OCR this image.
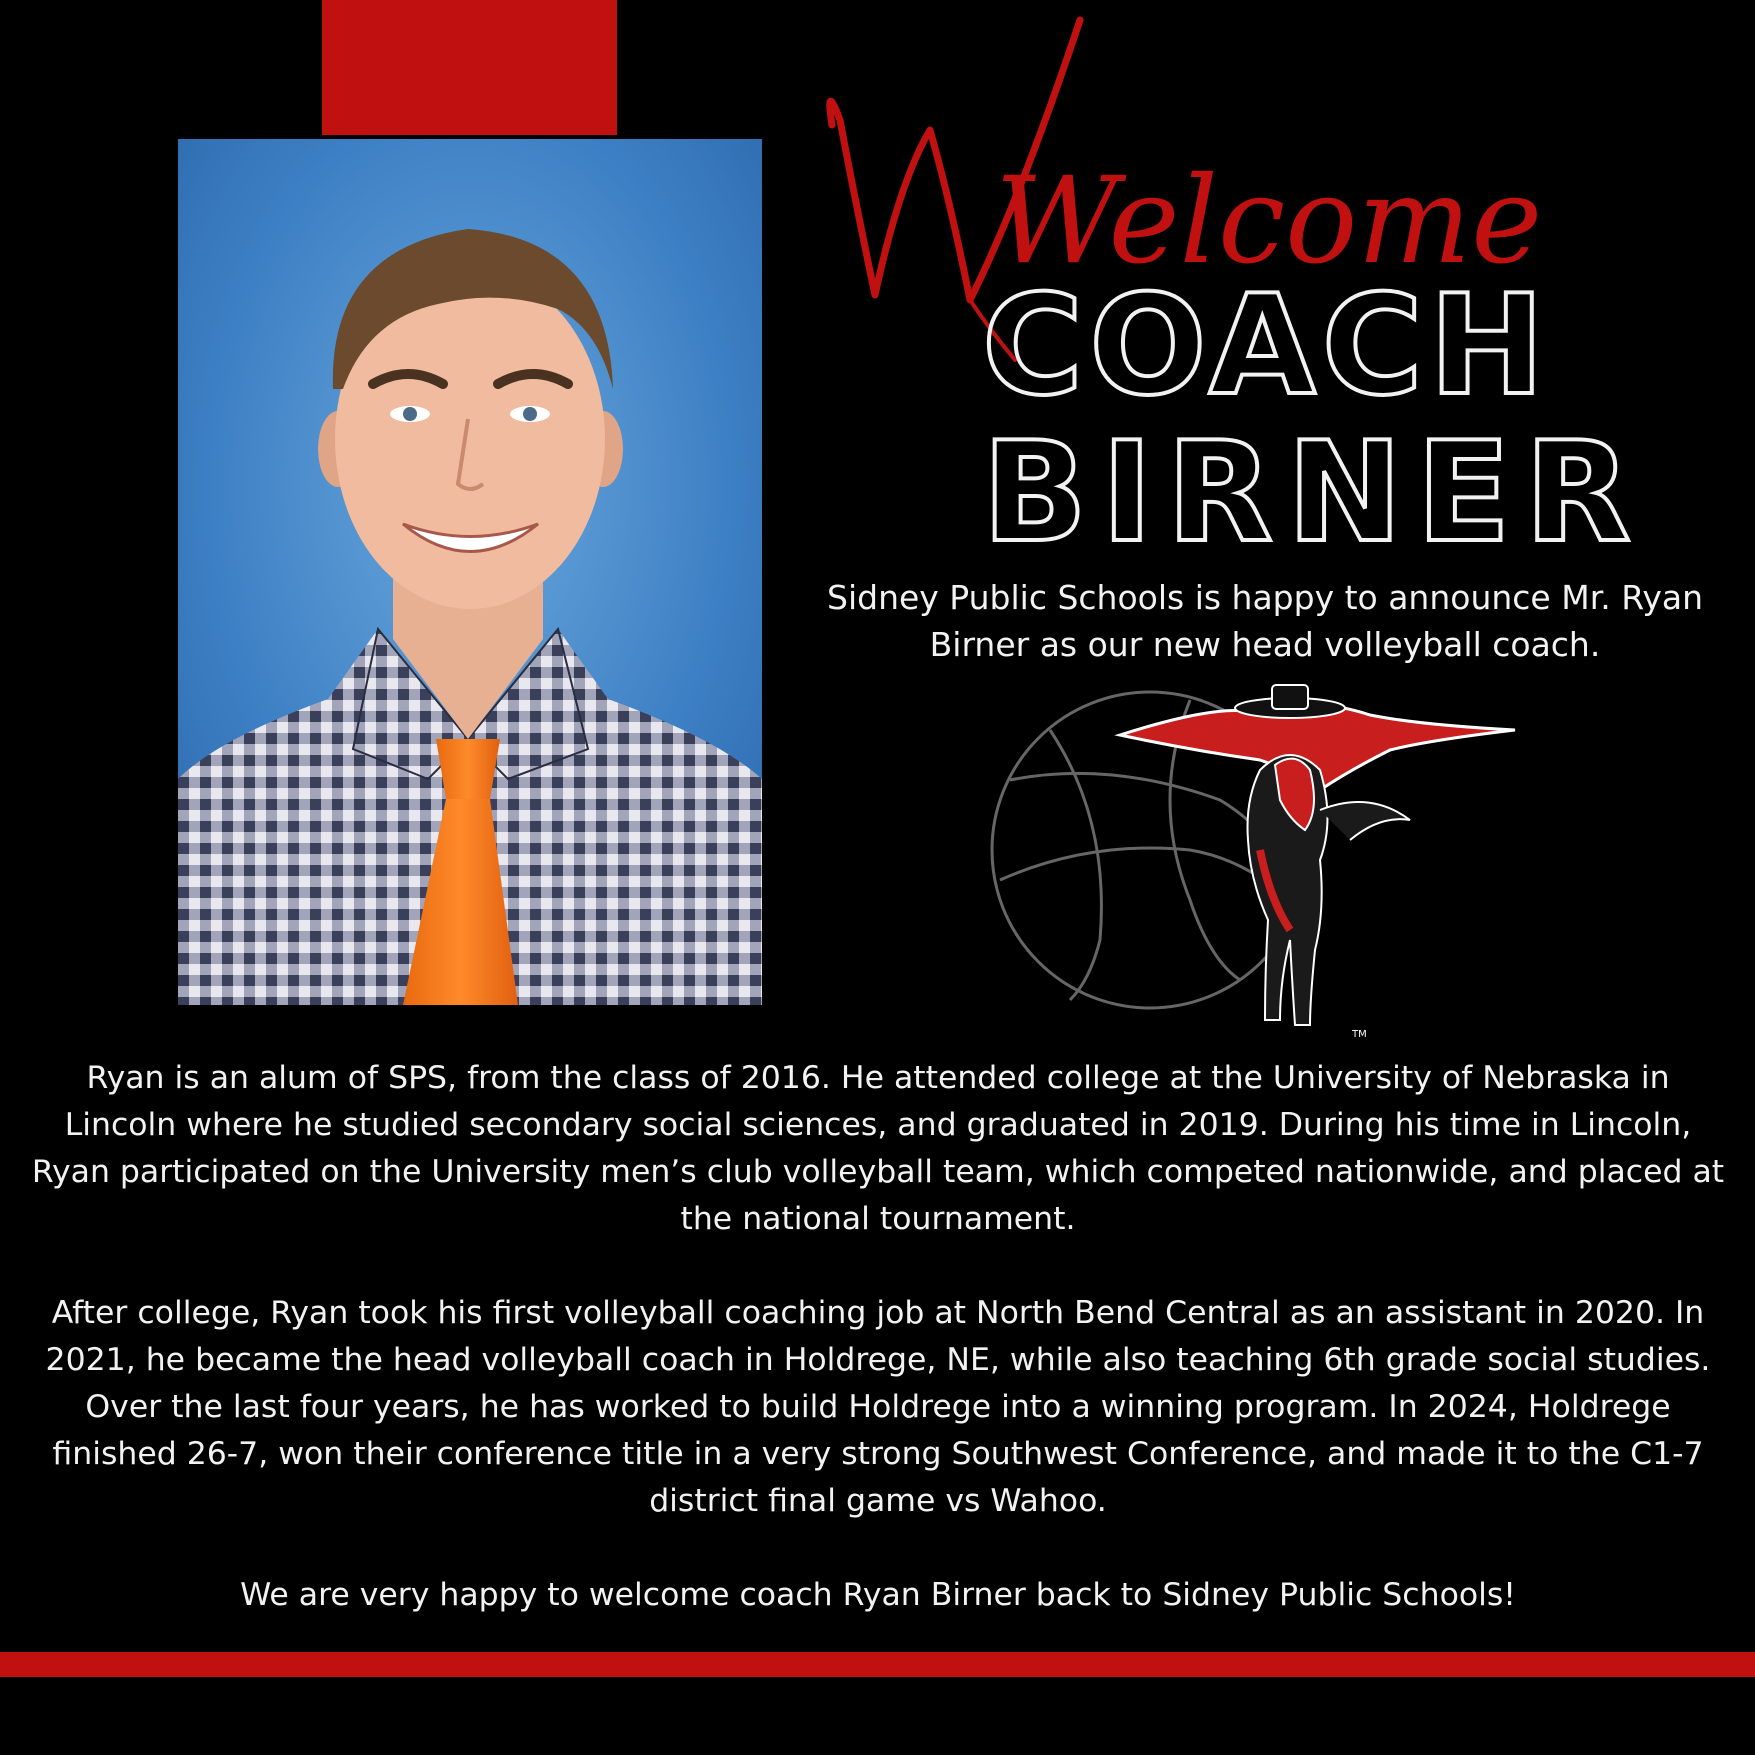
Welcome
COACH
BIRNER
Sidney Public Schools is happy to announce Mr. Ryan Birner as our new head volleyball coach.
TM

Ryan is an alum of SPS, from the class of 2016. He attended college at the University of Nebraska in Lincoln where he studied secondary social sciences, and graduated in 2019. During his time in Lincoln, Ryan participated on the University men’s club volleyball team, which competed nationwide, and placed at the national tournament.

After college, Ryan took his first volleyball coaching job at North Bend Central as an assistant in 2020. In 2021, he became the head volleyball coach in Holdrege, NE, while also teaching 6th grade social studies. Over the last four years, he has worked to build Holdrege into a winning program. In 2024, Holdrege finished 26-7, won their conference title in a very strong Southwest Conference, and made it to the C1-7 district final game vs Wahoo.

We are very happy to welcome coach Ryan Birner back to Sidney Public Schools!
